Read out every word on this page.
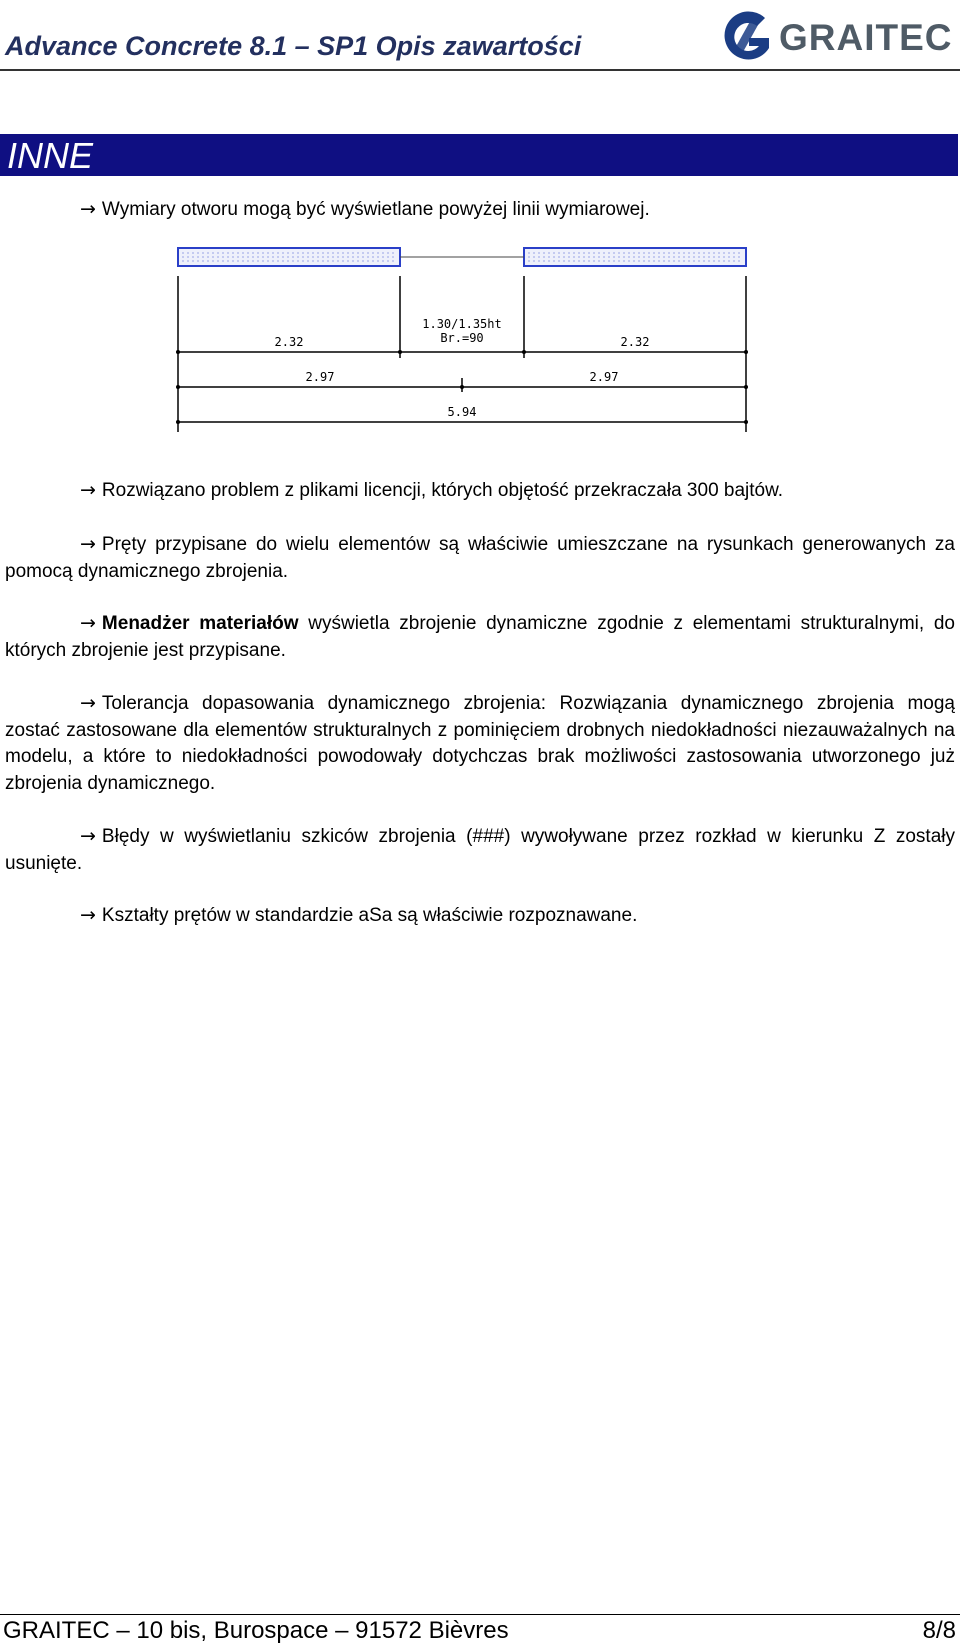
Advance Concrete 8.1 – SP1 Opis zawartości	GRAITEC
INNE
→ Wymiary otworu mogą być wyświetlane powyżej linii wymiarowej.
1.30/1.35ht
Br.=90
2.32	2.32
2.97	2.97
5.94
→ Rozwiązano problem z plikami licencji, których objętość przekraczała 300 bajtów.
→ Pręty przypisane do wielu elementów są właściwie umieszczane na rysunkach generowanych za pomocą dynamicznego zbrojenia.
→ Menadżer materiałów wyświetla zbrojenie dynamiczne zgodnie z elementami strukturalnymi, do których zbrojenie jest przypisane.
→ Tolerancja dopasowania dynamicznego zbrojenia: Rozwiązania dynamicznego zbrojenia mogą zostać zastosowane dla elementów strukturalnych z pominięciem drobnych niedokładności niezauważalnych na modelu, a które to niedokładności powodowały dotychczas brak możliwości zastosowania utworzonego już zbrojenia dynamicznego.
→ Błędy w wyświetlaniu szkiców zbrojenia (###) wywoływane przez rozkład w kierunku Z zostały usunięte.
→ Kształty prętów w standardzie aSa są właściwie rozpoznawane.
GRAITEC – 10 bis, Burospace – 91572 Bièvres	8/8
